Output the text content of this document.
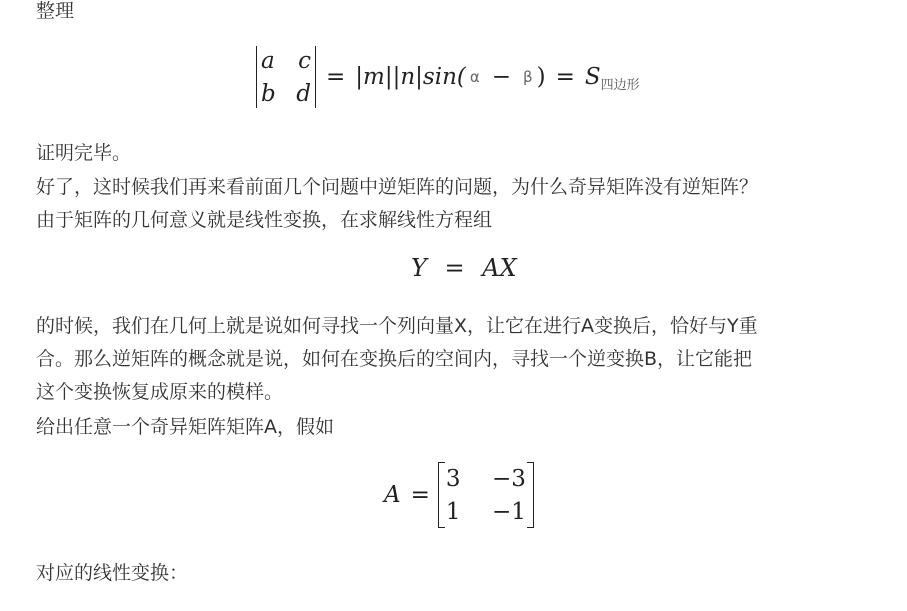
整理
a c
b d
= |m| |n| sin( α − β ) = S 四边形
证明完毕。
好了，这时候我们再来看前面几个问题中逆矩阵的问题，为什么奇异矩阵没有逆矩阵？
由于矩阵的几何意义就是线性变换，在求解线性方程组
Y = AX
的时候，我们在几何上就是说如何寻找一个列向量X，让它在进行A变换后，恰好与Y重
合。那么逆矩阵的概念就是说，如何在变换后的空间内，寻找一个逆变换B，让它能把
这个变换恢复成原来的模样。
给出任意一个奇异矩阵矩阵A，假如
A =
3 −3
1 −1
对应的线性变换：
